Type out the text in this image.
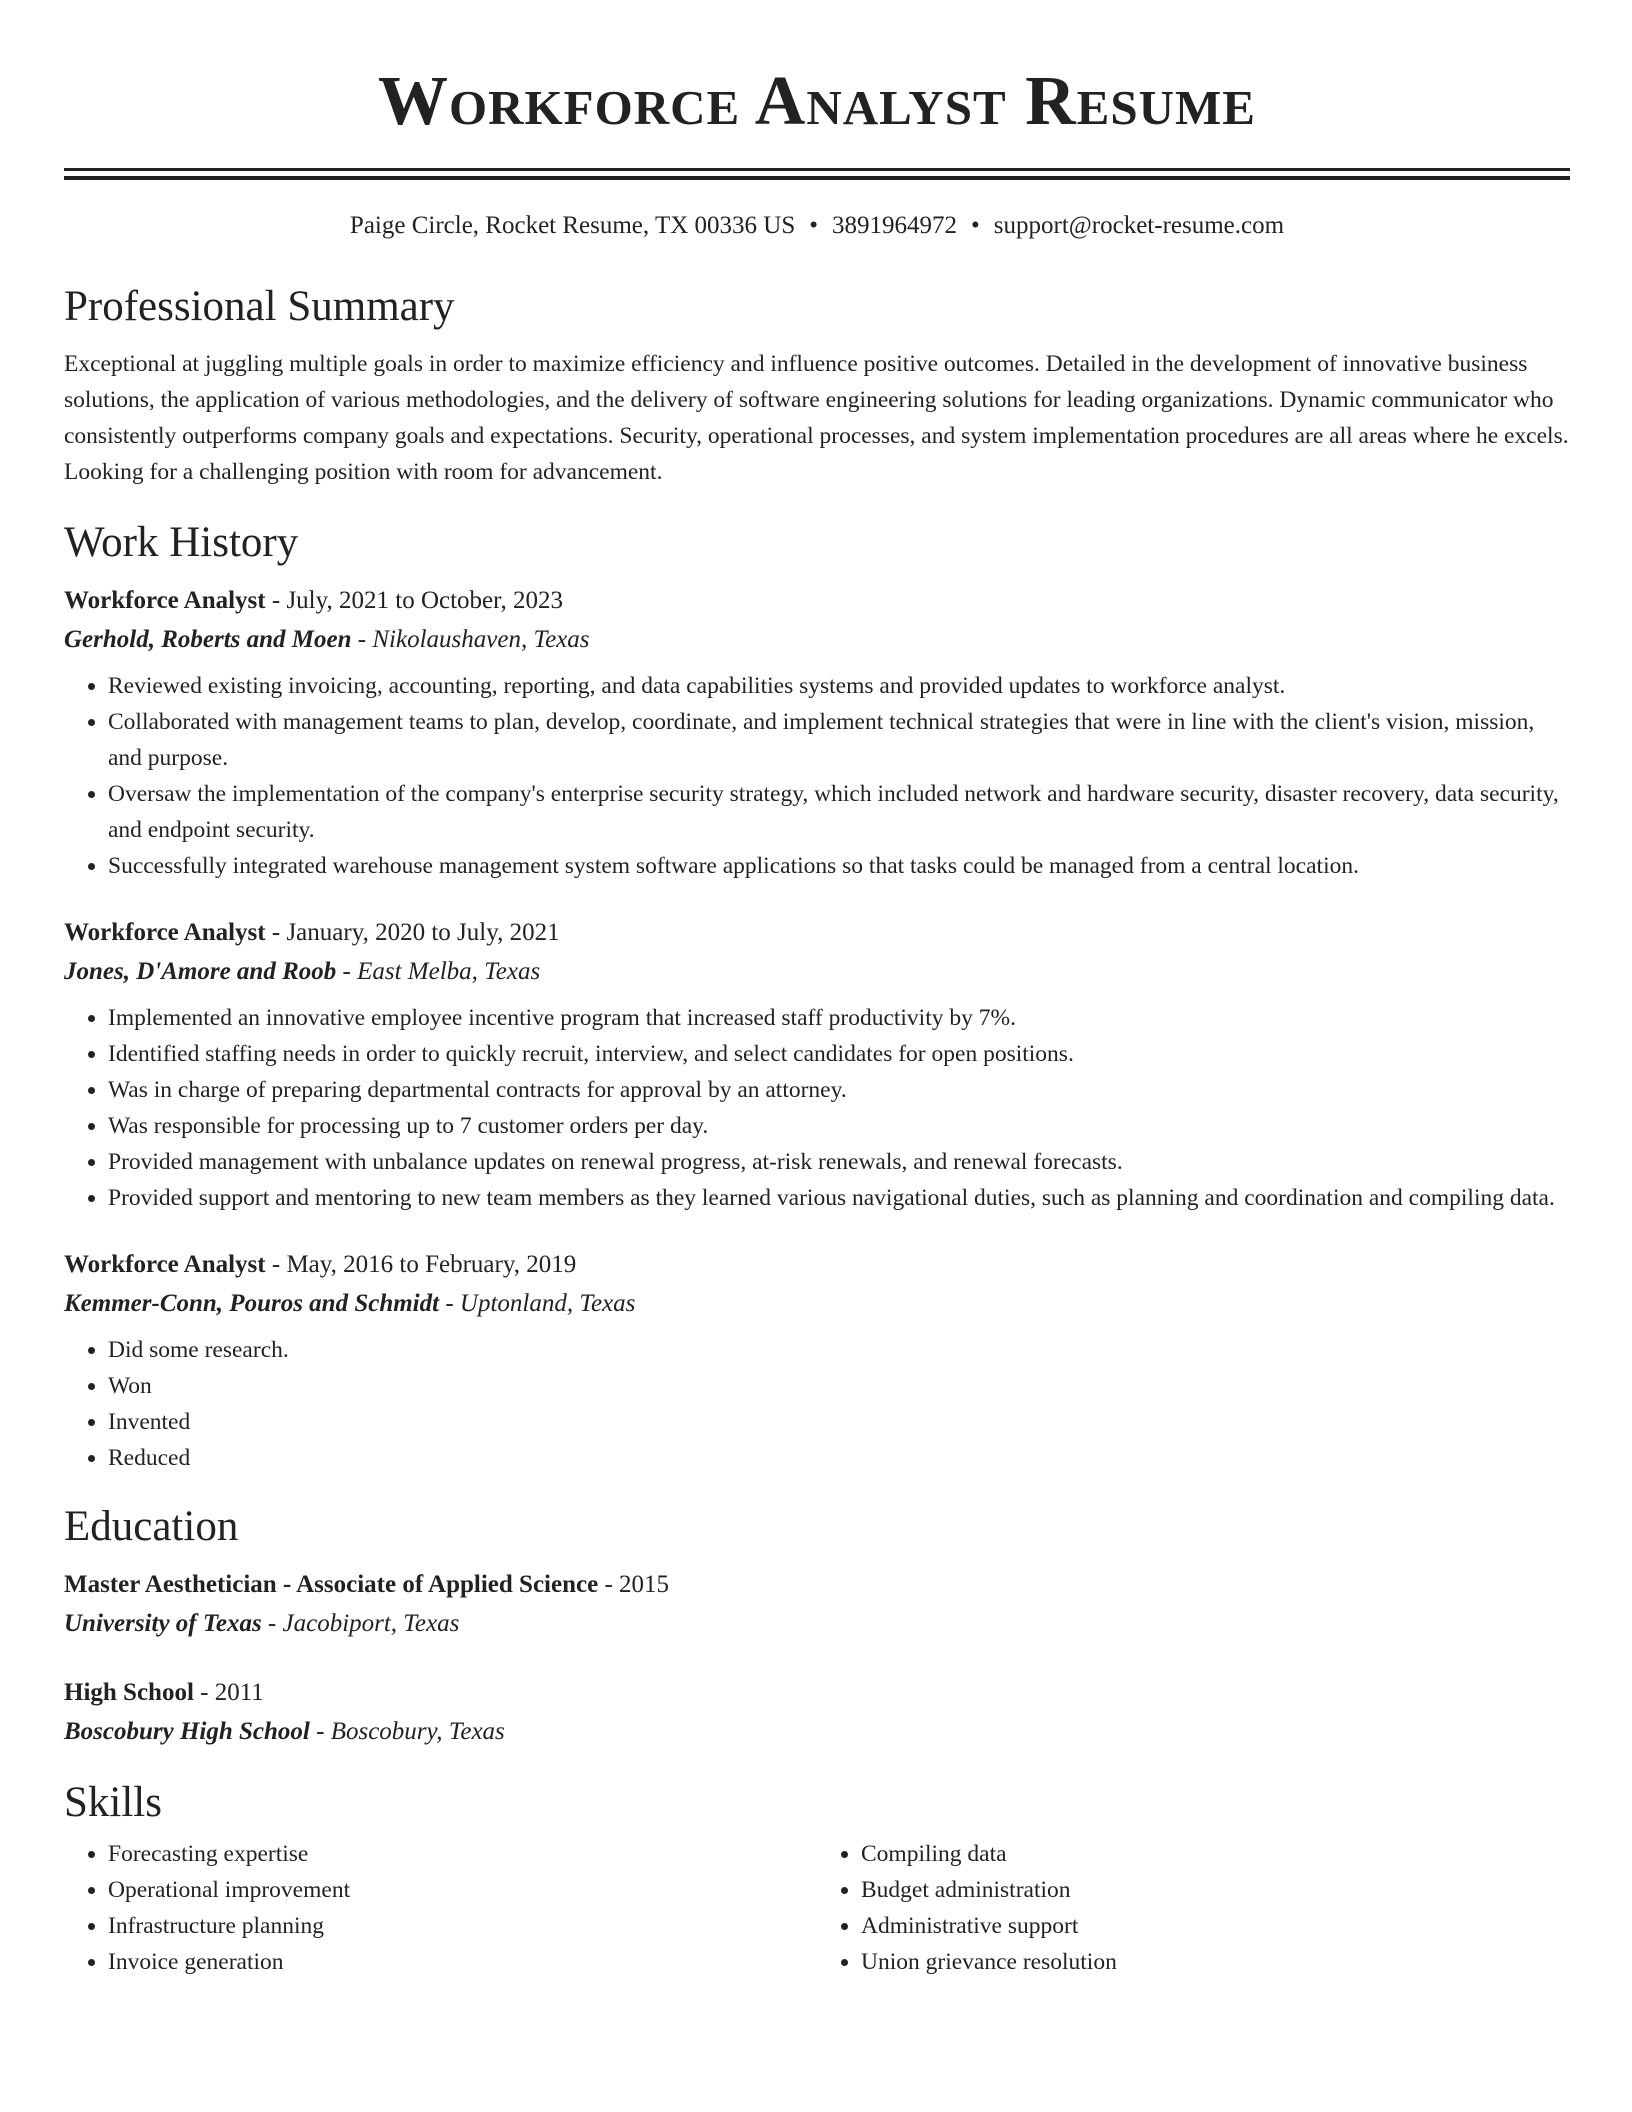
Workforce Analyst Resume
Paige Circle, Rocket Resume, TX 00336 US • 3891964972 • support@rocket-resume.com
Professional Summary
Exceptional at juggling multiple goals in order to maximize efficiency and influence positive outcomes. Detailed in the development of innovative business solutions, the application of various methodologies, and the delivery of software engineering solutions for leading organizations. Dynamic communicator who consistently outperforms company goals and expectations. Security, operational processes, and system implementation procedures are all areas where he excels. Looking for a challenging position with room for advancement.
Work History
Workforce Analyst - July, 2021 to October, 2023
Gerhold, Roberts and Moen - Nikolaushaven, Texas
• Reviewed existing invoicing, accounting, reporting, and data capabilities systems and provided updates to workforce analyst.
• Collaborated with management teams to plan, develop, coordinate, and implement technical strategies that were in line with the client's vision, mission, and purpose.
• Oversaw the implementation of the company's enterprise security strategy, which included network and hardware security, disaster recovery, data security, and endpoint security.
• Successfully integrated warehouse management system software applications so that tasks could be managed from a central location.
Workforce Analyst - January, 2020 to July, 2021
Jones, D'Amore and Roob - East Melba, Texas
• Implemented an innovative employee incentive program that increased staff productivity by 7%.
• Identified staffing needs in order to quickly recruit, interview, and select candidates for open positions.
• Was in charge of preparing departmental contracts for approval by an attorney.
• Was responsible for processing up to 7 customer orders per day.
• Provided management with unbalance updates on renewal progress, at-risk renewals, and renewal forecasts.
• Provided support and mentoring to new team members as they learned various navigational duties, such as planning and coordination and compiling data.
Workforce Analyst - May, 2016 to February, 2019
Kemmer-Conn, Pouros and Schmidt - Uptonland, Texas
• Did some research.
• Won
• Invented
• Reduced
Education
Master Aesthetician - Associate of Applied Science - 2015
University of Texas - Jacobiport, Texas
High School - 2011
Boscobury High School - Boscobury, Texas
Skills
• Forecasting expertise
• Operational improvement
• Infrastructure planning
• Invoice generation
• Compiling data
• Budget administration
• Administrative support
• Union grievance resolution
